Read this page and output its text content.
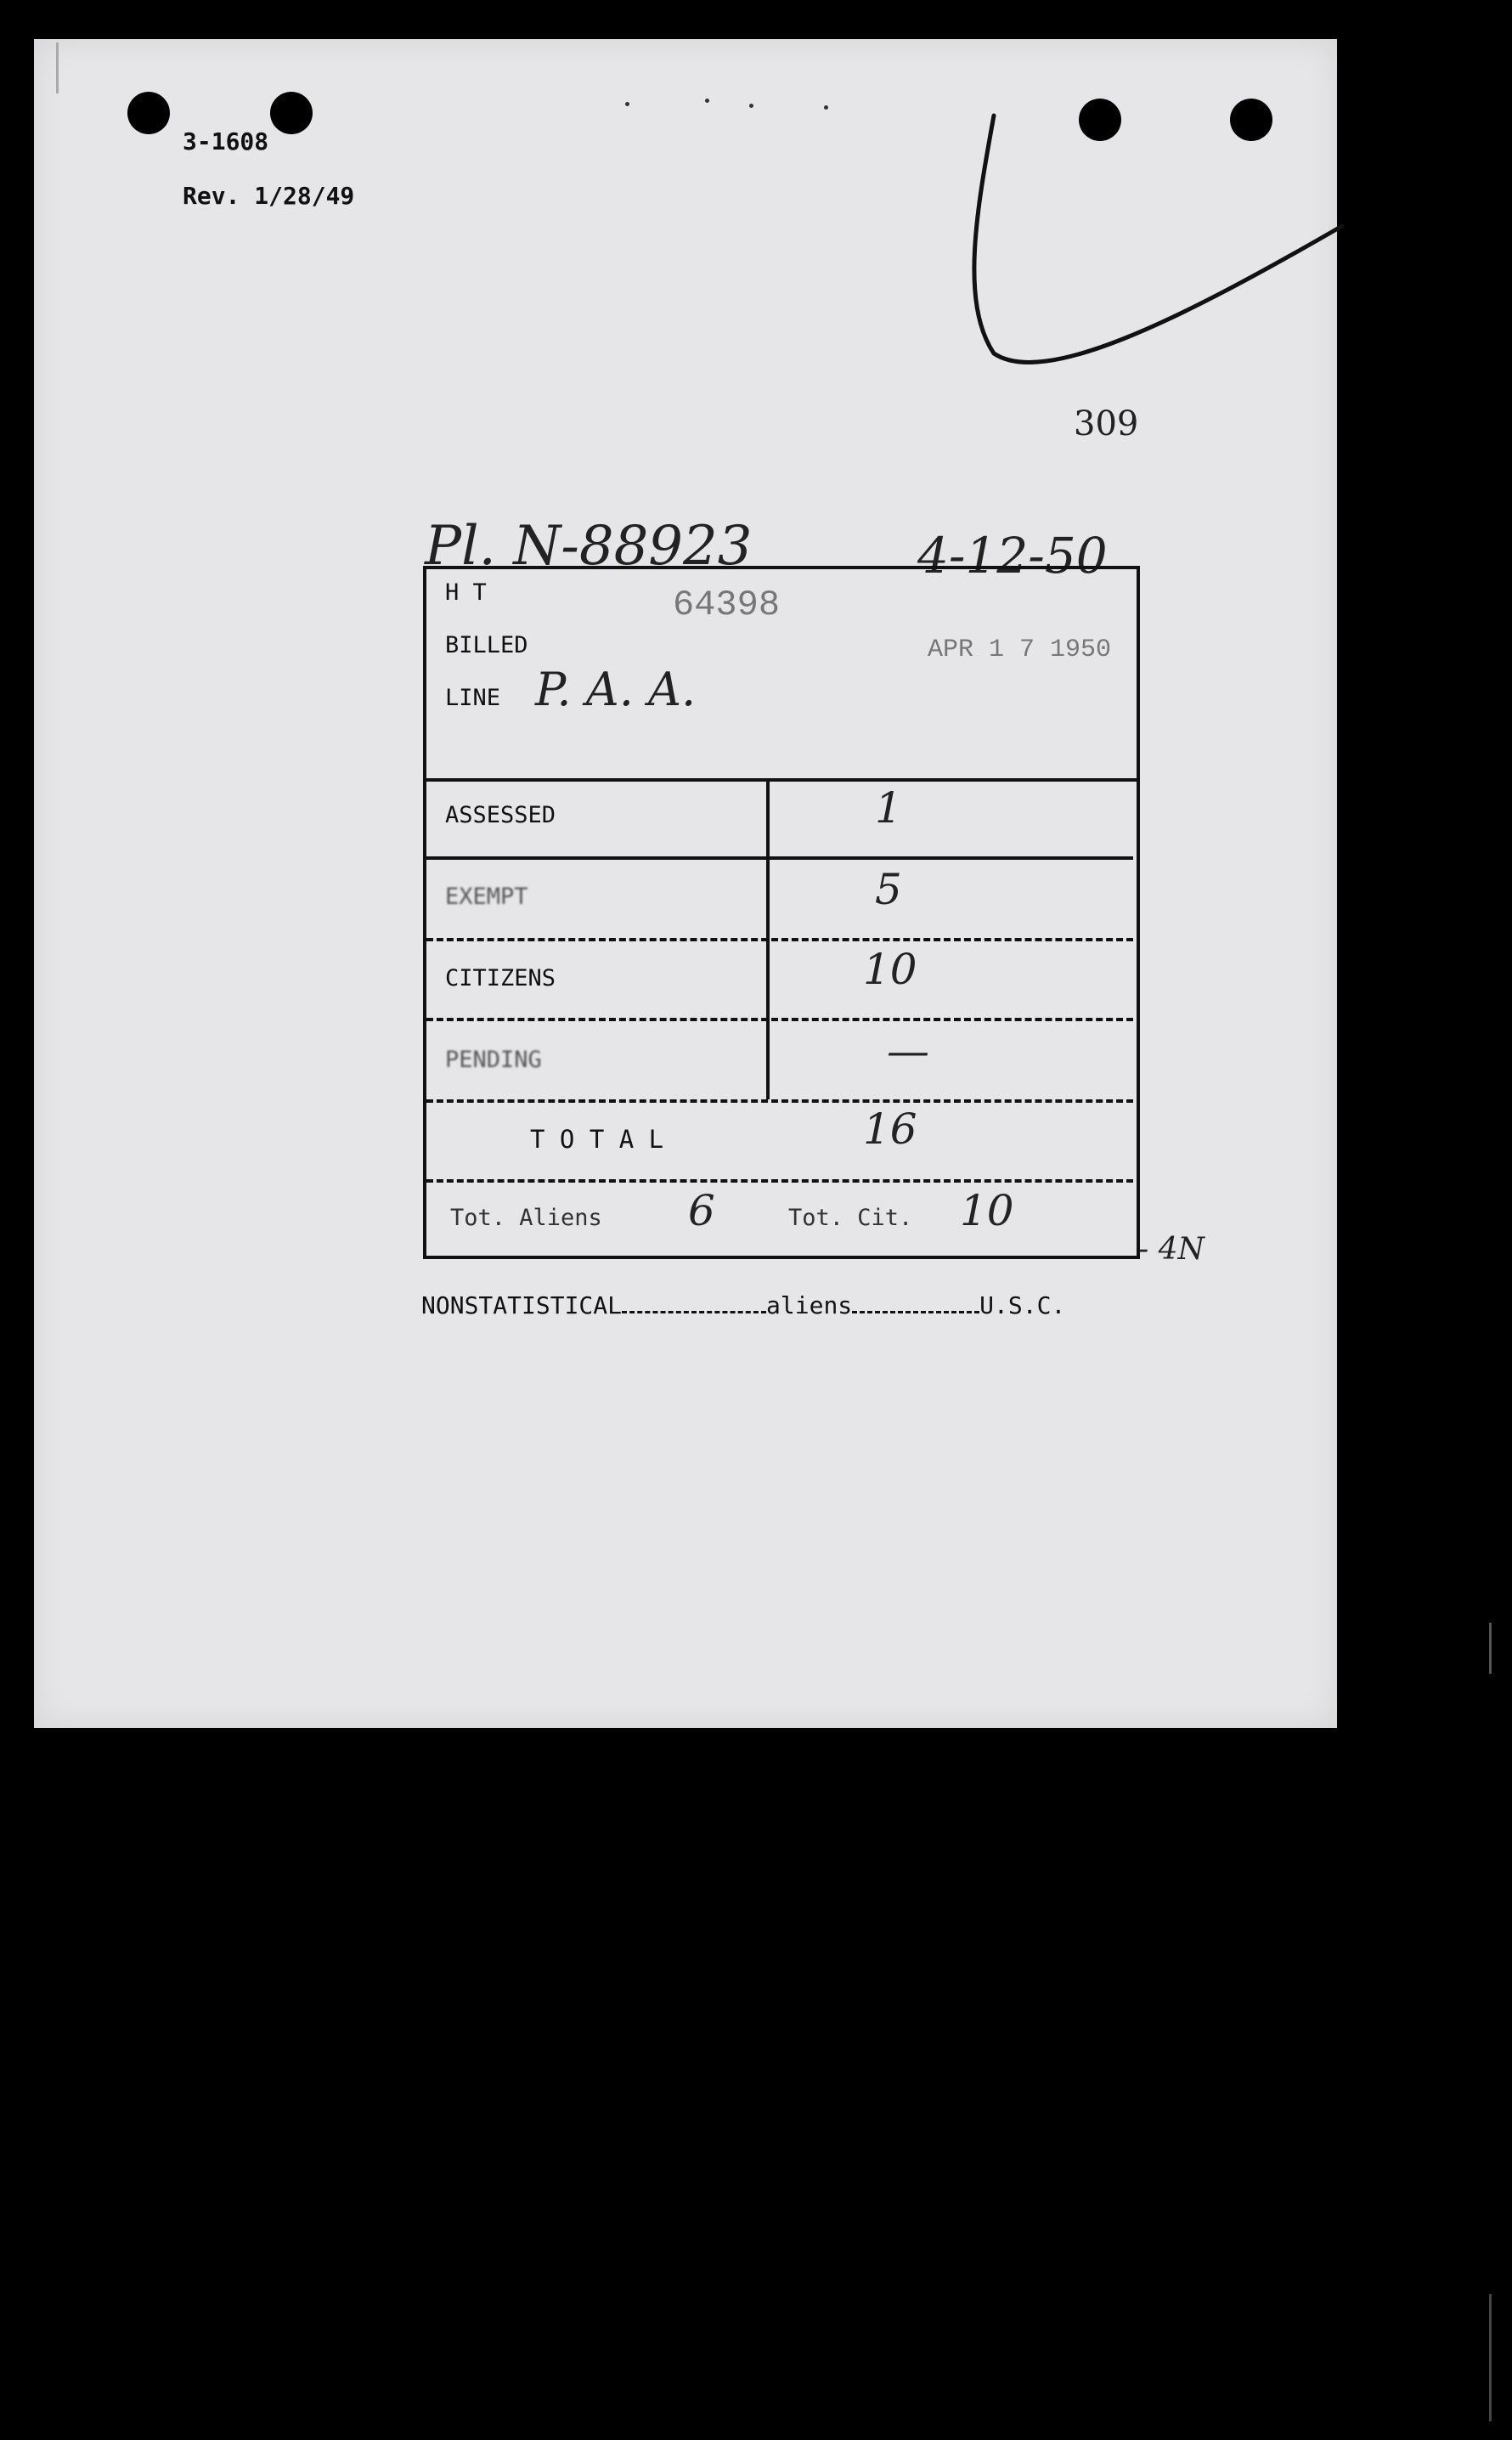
3-1608
Rev. 1/28/49
309
Pl. N-88923	4-12-50
H T	64398
BILLED	APR 1 7 1950
LINE P. A. A.
ASSESSED	1
EXEMPT	5
CITIZENS	10
PENDING	—
T O T A L	16
Tot. Aliens 6	Tot. Cit. 10
- 4N
NONSTATISTICAL	aliens	U.S.C.
